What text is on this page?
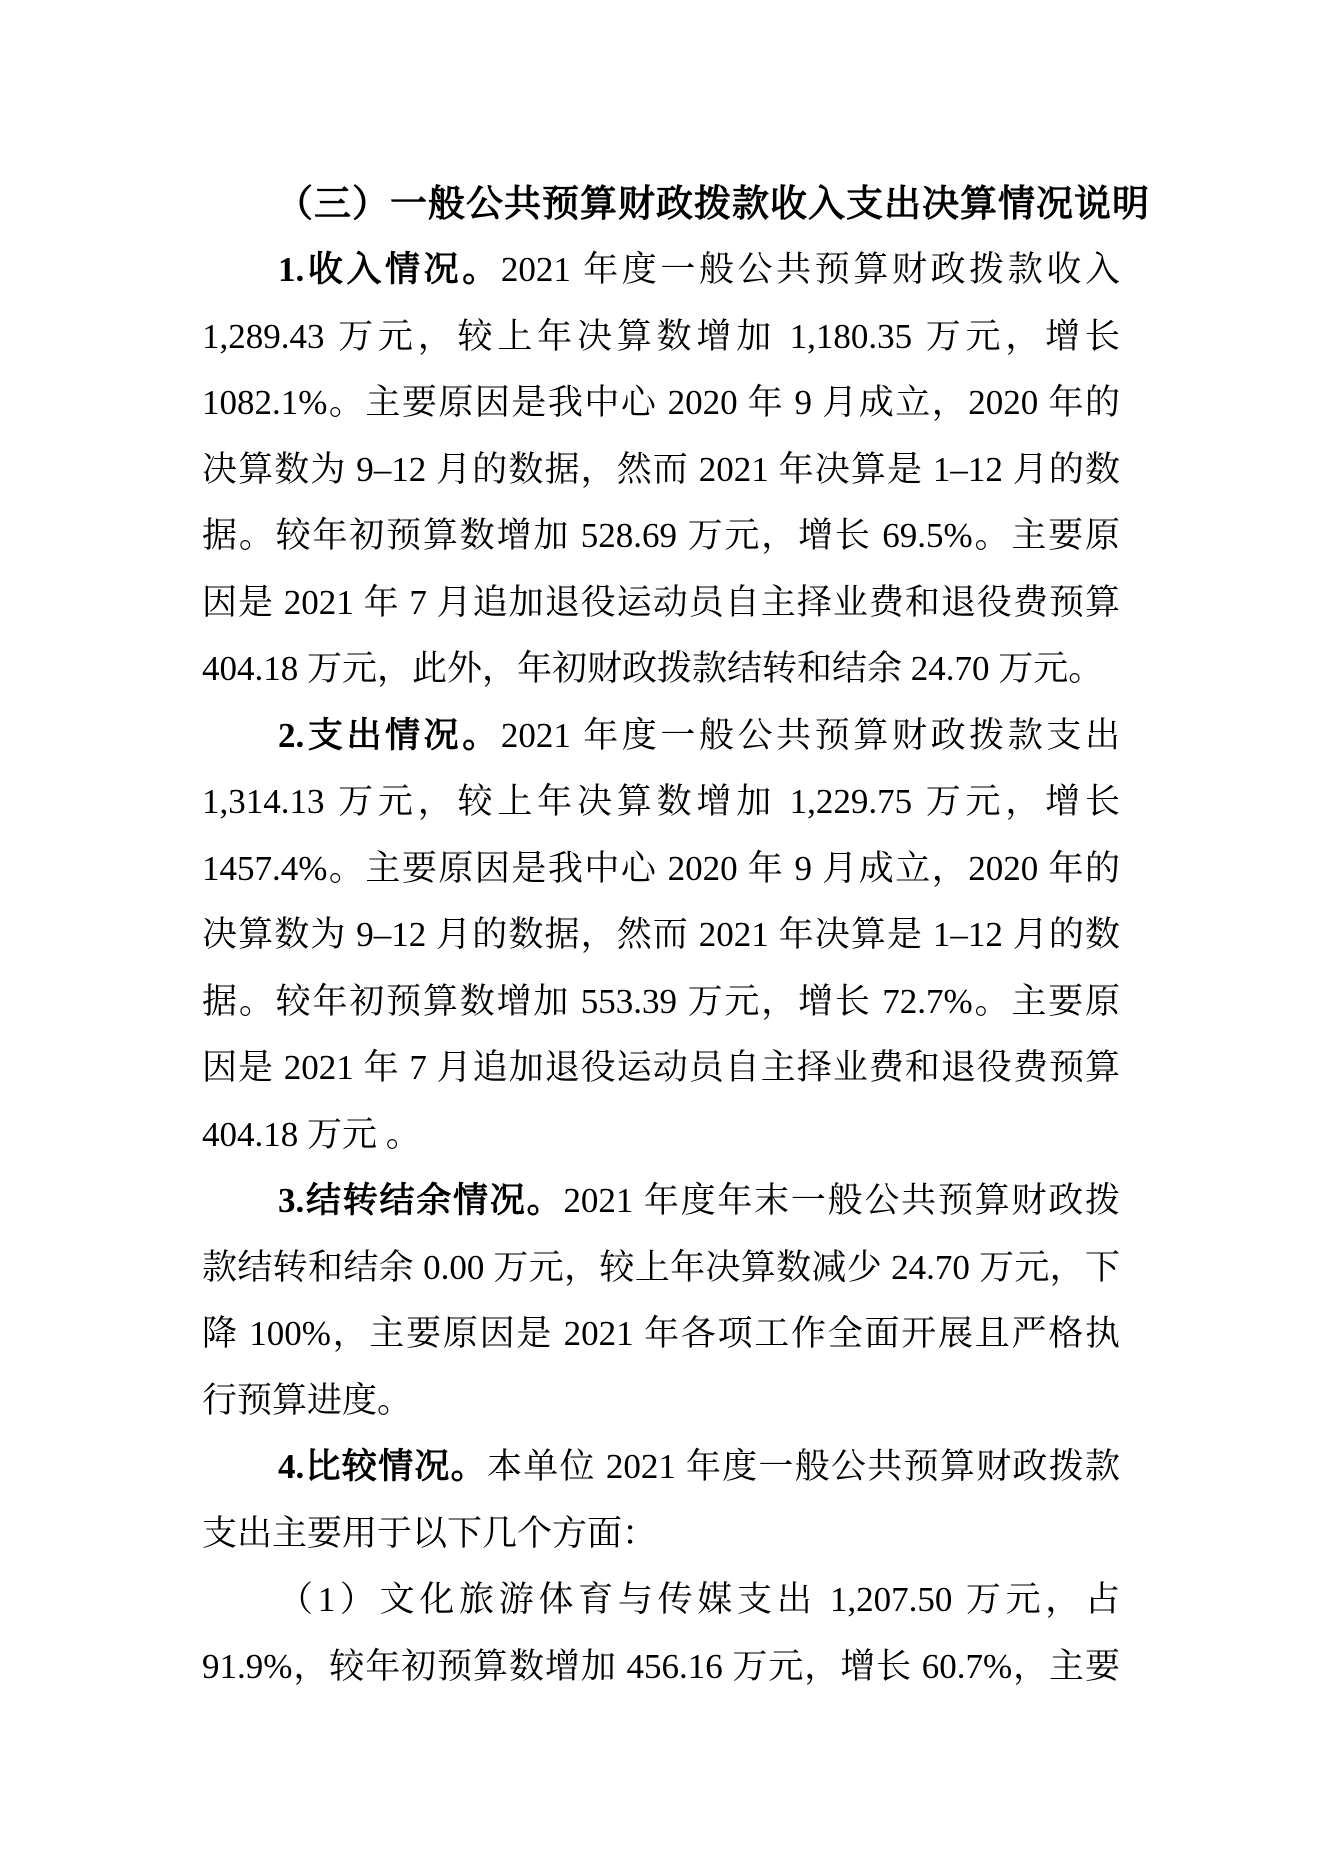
（三）一般公共预算财政拨款收入支出决算情况说明
1.收入情况。2021 年度一般公共预算财政拨款收入
1,289.43 万元，较上年决算数增加 1,180.35 万元，增长
1082.1%。主要原因是我中心 2020 年 9 月成立，2020 年的
决算数为 9–12 月的数据，然而 2021 年决算是 1–12 月的数
据。较年初预算数增加 528.69 万元，增长 69.5%。主要原
因是 2021 年 7 月追加退役运动员自主择业费和退役费预算
404.18 万元，此外，年初财政拨款结转和结余 24.70 万元。
2.支出情况。2021 年度一般公共预算财政拨款支出
1,314.13 万元，较上年决算数增加 1,229.75 万元，增长
1457.4%。主要原因是我中心 2020 年 9 月成立，2020 年的
决算数为 9–12 月的数据，然而 2021 年决算是 1–12 月的数
据。较年初预算数增加 553.39 万元，增长 72.7%。主要原
因是 2021 年 7 月追加退役运动员自主择业费和退役费预算
404.18 万元 。
3.结转结余情况。2021 年度年末一般公共预算财政拨
款结转和结余 0.00 万元，较上年决算数减少 24.70 万元，下
降 100%，主要原因是 2021 年各项工作全面开展且严格执
行预算进度。
4.比较情况。本单位 2021 年度一般公共预算财政拨款
支出主要用于以下几个方面：
（1）文化旅游体育与传媒支出 1,207.50 万元，占
91.9%，较年初预算数增加 456.16 万元，增长 60.7%，主要
